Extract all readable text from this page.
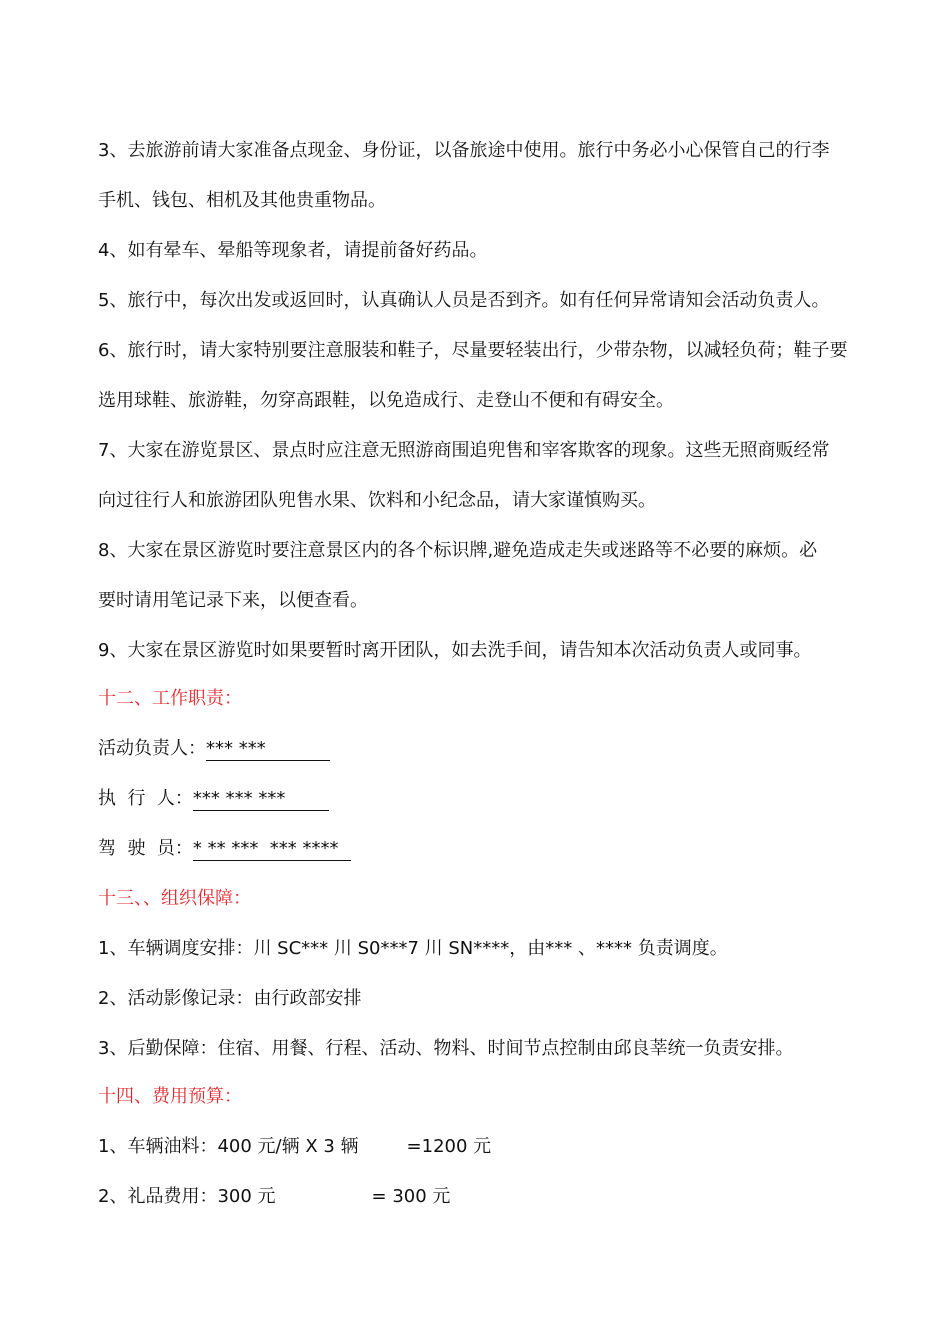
3、去旅游前请大家准备点现金、身份证，以备旅途中使用。旅行中务必小心保管自己的行李
手机、钱包、相机及其他贵重物品。
4、如有晕车、晕船等现象者，请提前备好药品。
5、旅行中，每次出发或返回时，认真确认人员是否到齐。如有任何异常请知会活动负责人。
6、旅行时，请大家特别要注意服装和鞋子，尽量要轻装出行，少带杂物，以减轻负荷；鞋子要
选用球鞋、旅游鞋，勿穿高跟鞋，以免造成行、走登山不便和有碍安全。
7、大家在游览景区、景点时应注意无照游商围追兜售和宰客欺客的现象。这些无照商贩经常
向过往行人和旅游团队兜售水果、饮料和小纪念品，请大家谨慎购买。
8、大家在景区游览时要注意景区内的各个标识牌,避免造成走失或迷路等不必要的麻烦。必
要时请用笔记录下来，以便查看。
9、大家在景区游览时如果要暂时离开团队，如去洗手间，请告知本次活动负责人或同事。
十二、工作职责：
活动负责人：*** ***
执  行  人：*** *** ***
驾  驶  员：* ** ***  *** ****
十三、、组织保障：
1、车辆调度安排：川 SC*** 川 S0***7 川 SN****，由*** 、**** 负责调度。
2、活动影像记录：由行政部安排
3、后勤保障：住宿、用餐、行程、活动、物料、时间节点控制由邱良莘统一负责安排。
十四、费用预算：
1、车辆油料：400 元/辆 X 3 辆	=1200 元
2、礼品费用：300 元	= 300 元
